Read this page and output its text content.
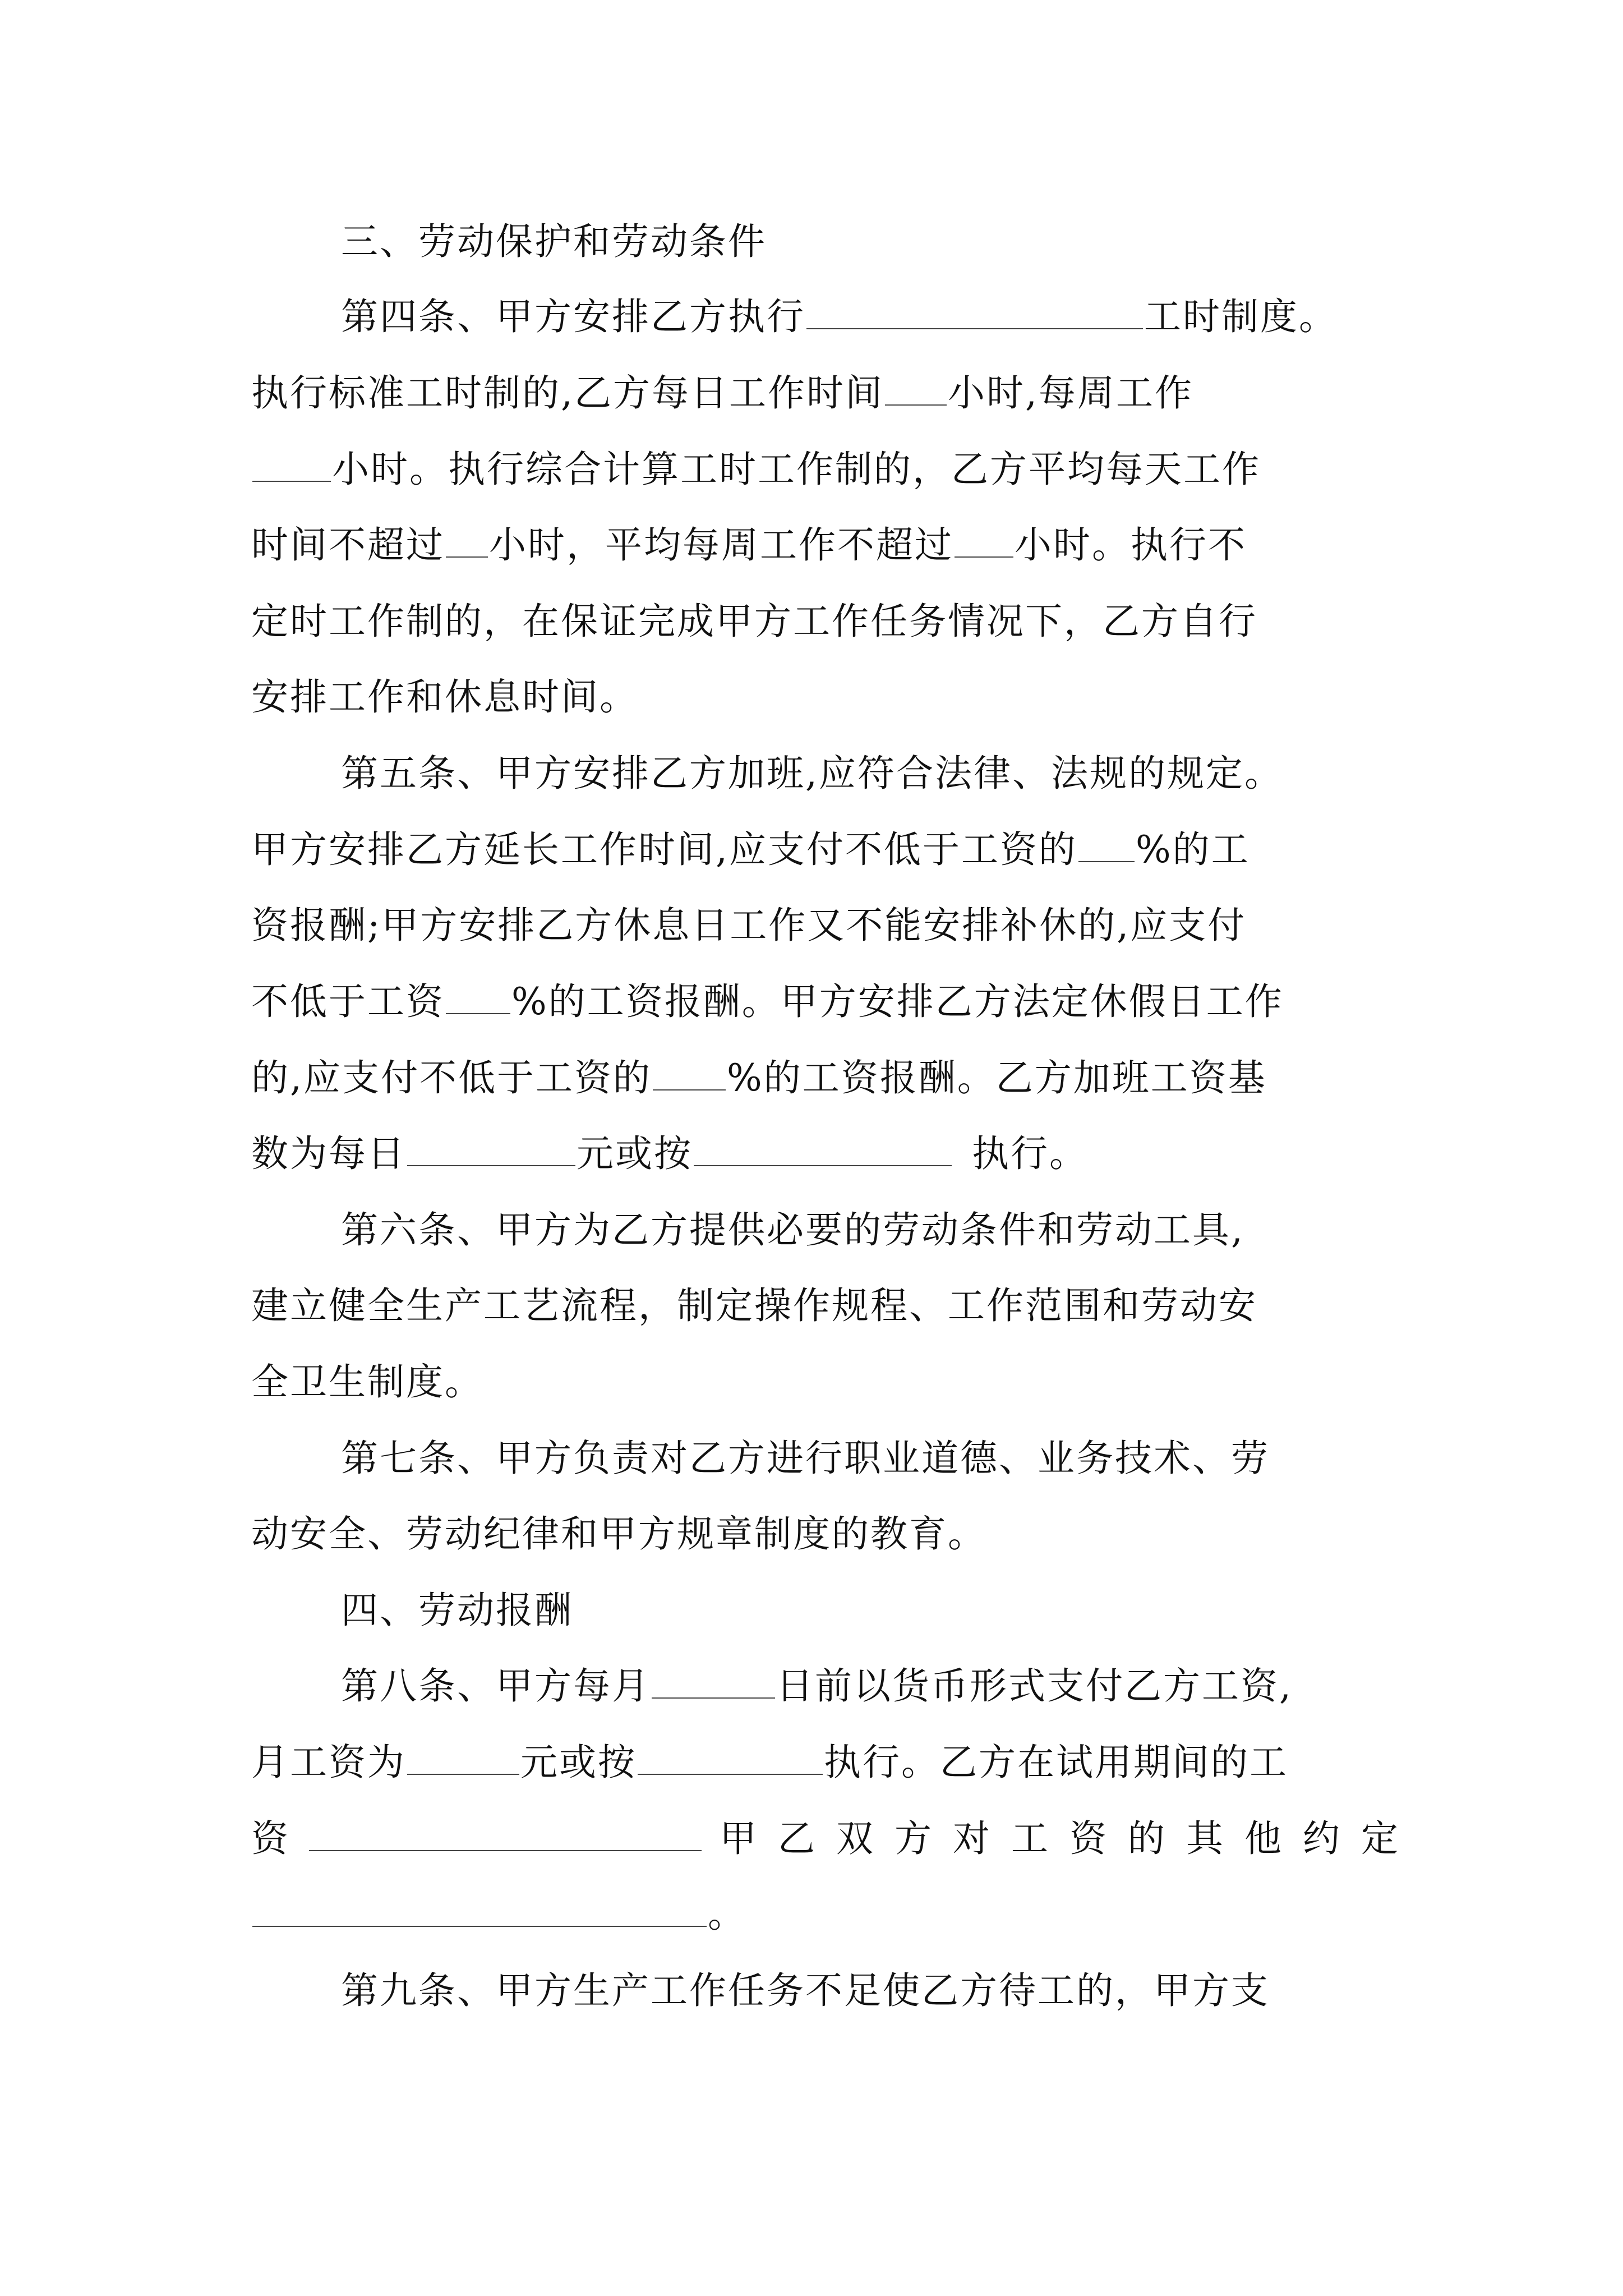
三、劳动保护和劳动条件
第四条、甲方安排乙方执行	工时制度。
执行标准工时制的,乙方每日工作时间 小时,每周工作
小时。执行综合计算工时工作制的，乙方平均每天工作
时间不超过 小时，平均每周工作不超过 小时。执行不
定时工作制的，在保证完成甲方工作任务情况下，乙方自行
安排工作和休息时间。
第五条、甲方安排乙方加班,应符合法律、法规的规定。
甲方安排乙方延长工作时间,应支付不低于工资的 %的工
资报酬;甲方安排乙方休息日工作又不能安排补休的,应支付
不低于工资 %的工资报酬。甲方安排乙方法定休假日工作
的,应支付不低于工资的 %的工资报酬。乙方加班工资基
数为每日	元或按	执行。
第六条、甲方为乙方提供必要的劳动条件和劳动工具,
建立健全生产工艺流程，制定操作规程、工作范围和劳动安
全卫生制度。
第七条、甲方负责对乙方进行职业道德、业务技术、劳
动安全、劳动纪律和甲方规章制度的教育。
四、劳动报酬
第八条、甲方每月	日前以货币形式支付乙方工资,
月工资为	元或按	执行。乙方在试用期间的工
资	甲乙双方对工资的其他约定
。
第九条、甲方生产工作任务不足使乙方待工的，甲方支
